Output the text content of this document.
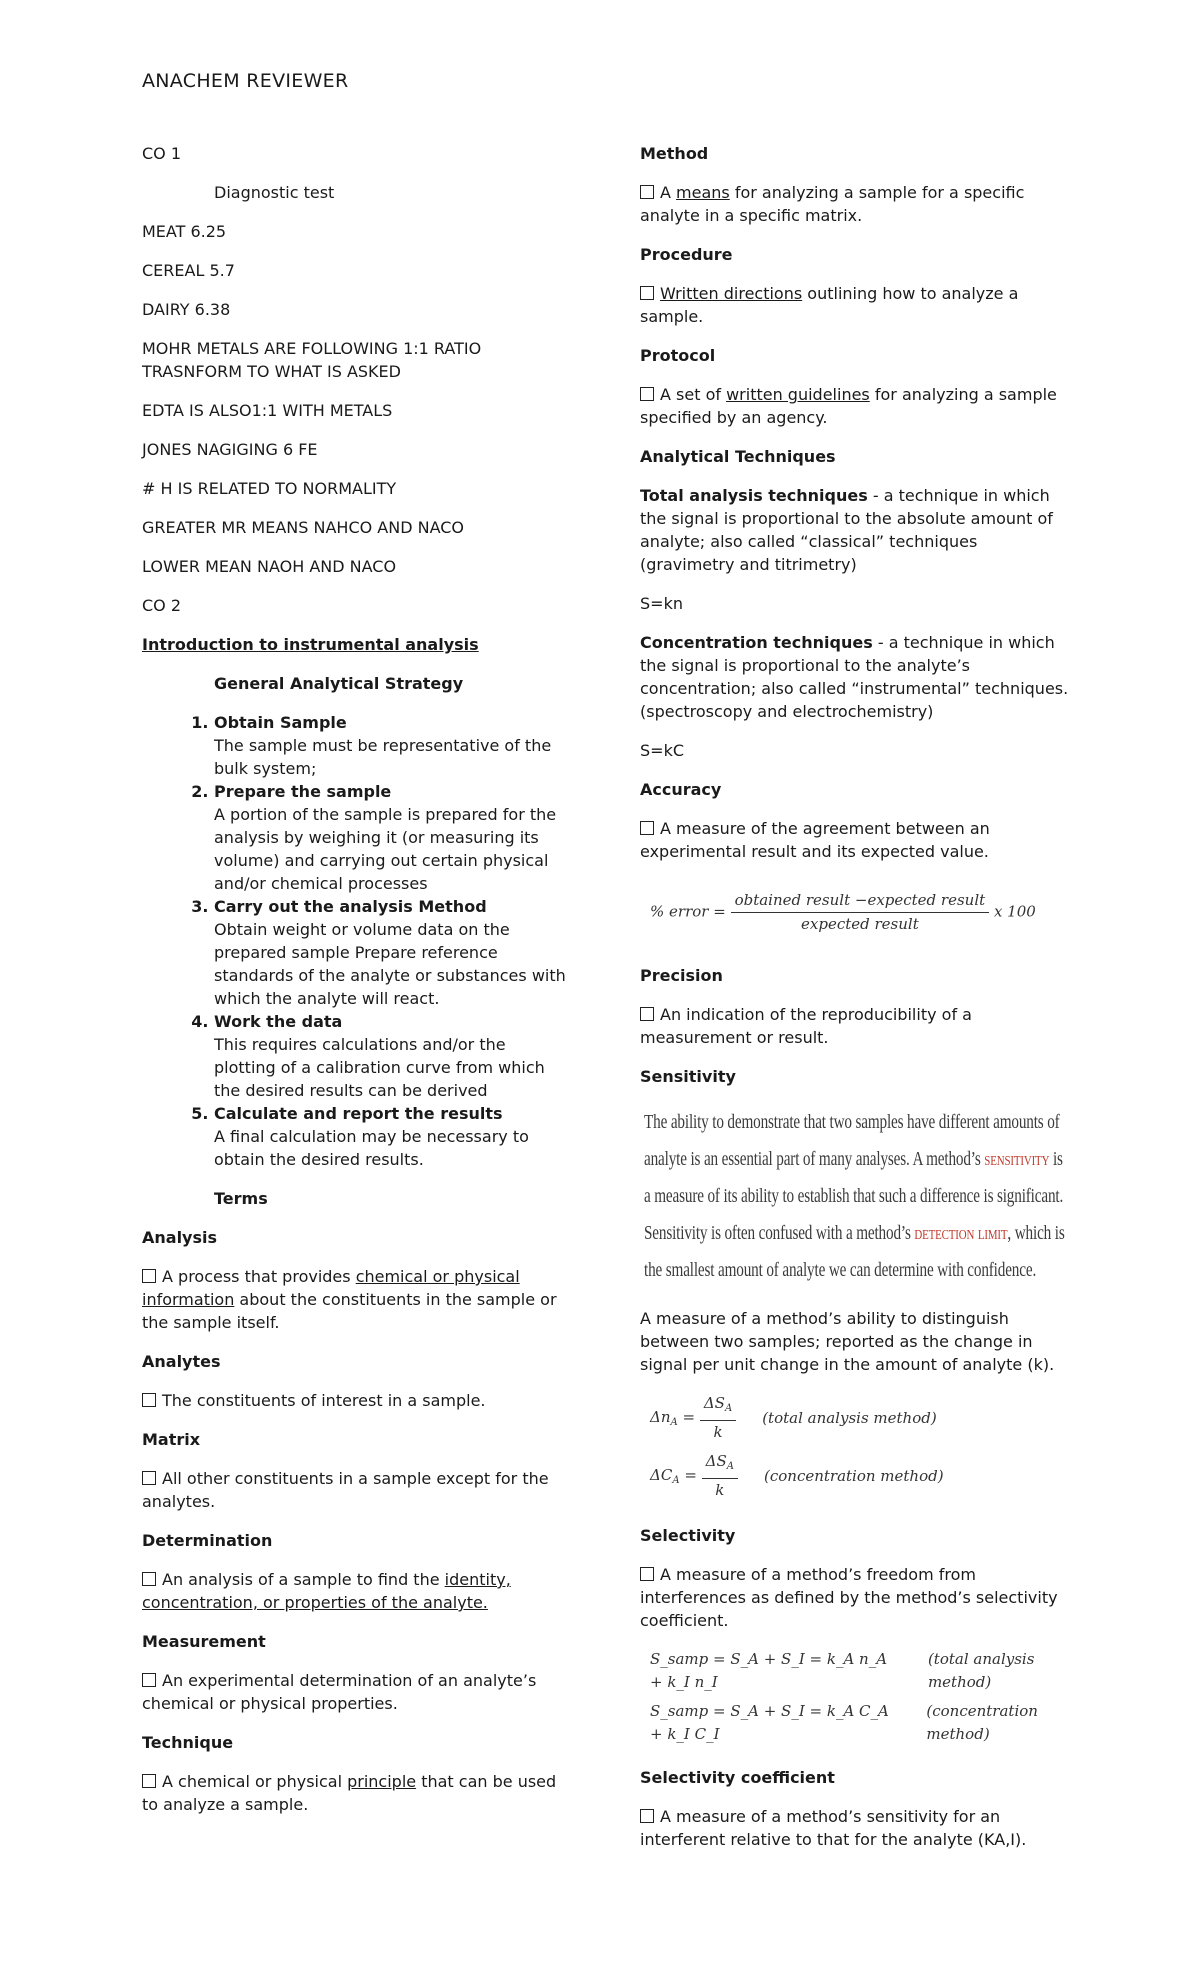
ANACHEM REVIEWER

CO 1

Diagnostic test

MEAT 6.25

CEREAL 5.7

DAIRY 6.38

MOHR METALS ARE FOLLOWING 1:1 RATIO TRASNFORM TO WHAT IS ASKED

EDTA IS ALSO1:1 WITH METALS

JONES NAGIGING 6 FE

# H IS RELATED TO NORMALITY

GREATER MR MEANS NAHCO AND NACO

LOWER MEAN NAOH AND NACO

CO 2

Introduction to instrumental analysis

General Analytical Strategy

1. Obtain Sample
The sample must be representative of the bulk system;
2. Prepare the sample
A portion of the sample is prepared for the analysis by weighing it (or measuring its volume) and carrying out certain physical and/or chemical processes
3. Carry out the analysis Method
Obtain weight or volume data on the prepared sample Prepare reference standards of the analyte or substances with which the analyte will react.
4. Work the data
This requires calculations and/or the plotting of a calibration curve from which the desired results can be derived
5. Calculate and report the results
A final calculation may be necessary to obtain the desired results.

Terms

Analysis

A process that provides chemical or physical information about the constituents in the sample or the sample itself.

Analytes

The constituents of interest in a sample.

Matrix

All other constituents in a sample except for the analytes.

Determination

An analysis of a sample to find the identity, concentration, or properties of the analyte.

Measurement

An experimental determination of an analyte’s chemical or physical properties.

Technique

A chemical or physical principle that can be used to analyze a sample.

Method

A means for analyzing a sample for a specific analyte in a specific matrix.

Procedure

Written directions outlining how to analyze a sample.

Protocol

A set of written guidelines for analyzing a sample specified by an agency.

Analytical Techniques

Total analysis techniques - a technique in which the signal is proportional to the absolute amount of analyte; also called “classical” techniques (gravimetry and titrimetry)

S=kn

Concentration techniques - a technique in which the signal is proportional to the analyte’s concentration; also called “instrumental” techniques. (spectroscopy and electrochemistry)

S=kC

Accuracy

A measure of the agreement between an experimental result and its expected value.

% error = $\frac{\text{obtained result −expected result}}{\text{expected result}}$ x 100

Precision

An indication of the reproducibility of a measurement or result.

Sensitivity

The ability to demonstrate that two samples have different amounts of analyte is an essential part of many analyses. A method’s sensitivity is a measure of its ability to establish that such a difference is significant. Sensitivity is often confused with a method’s detection limit, which is the smallest amount of analyte we can determine with confidence.

A measure of a method’s ability to distinguish between two samples; reported as the change in signal per unit change in the amount of analyte (k).

$\Delta n_A = \frac{\Delta S_A}{k}$ (total analysis method)
$\Delta C_A = \frac{\Delta S_A}{k}$ (concentration method)

Selectivity

A measure of a method’s freedom from interferences as defined by the method’s selectivity coefficient.

S_samp = S_A + S_I = k_A n_A + k_I n_I
(total analysis method)
S_samp = S_A + S_I = k_A C_A + k_I C_I
(concentration method)

Selectivity coefficient

A measure of a method’s sensitivity for an interferent relative to that for the analyte (KA,I).
